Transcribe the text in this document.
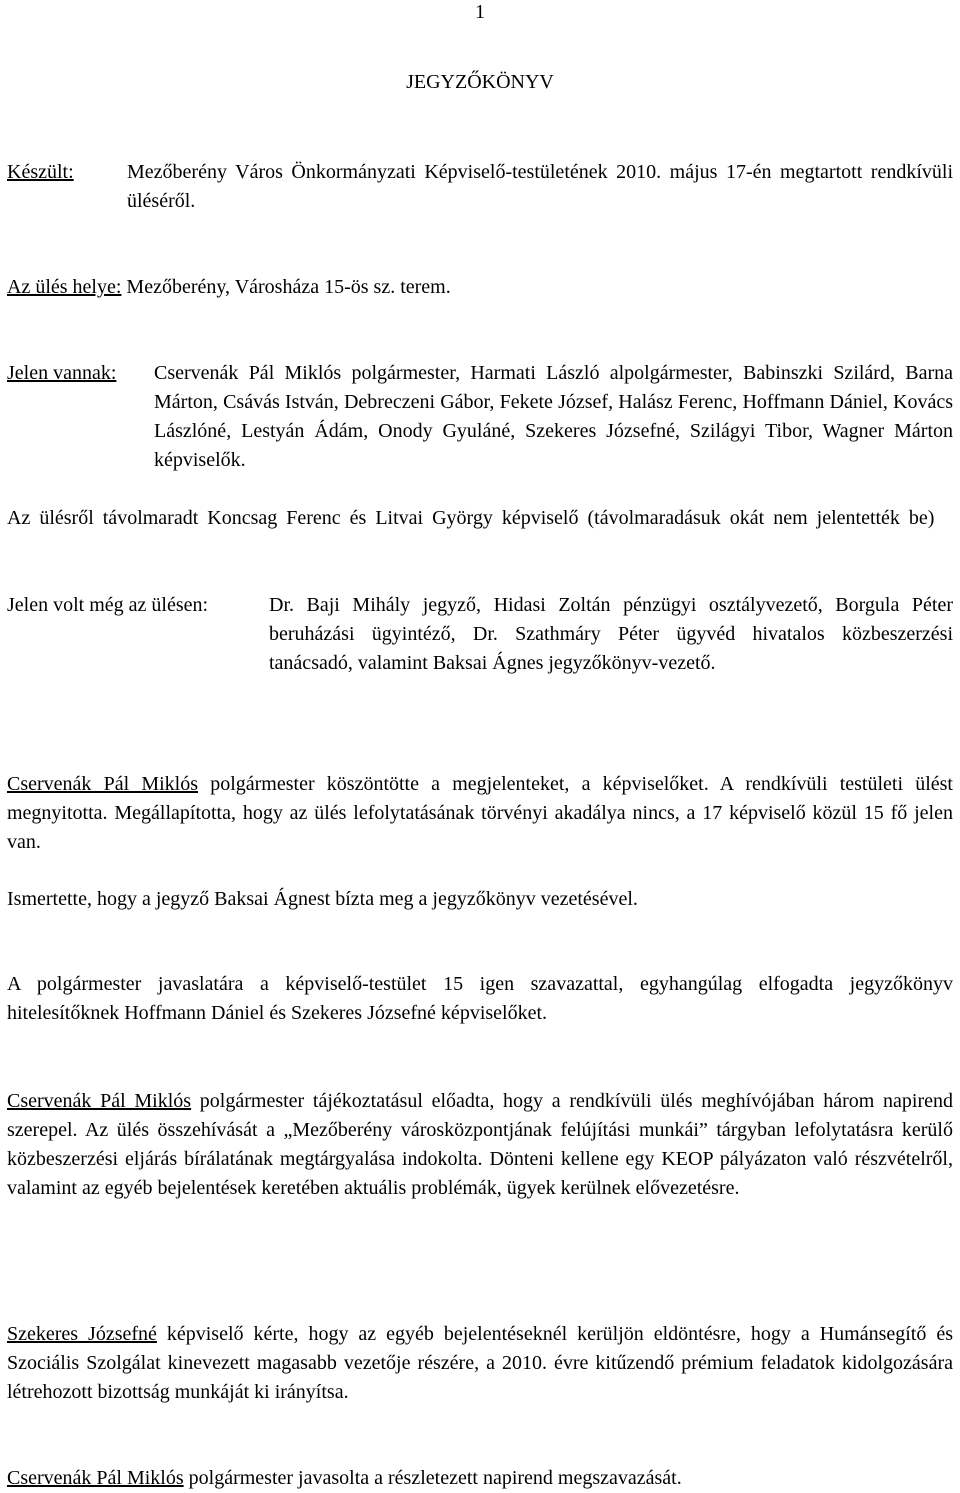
1
JEGYZŐKÖNYV
Készült:	Mezőberény Város Önkormányzati Képviselő-testületének 2010. május 17-én megtartott rendkívüli üléséről.
Az ülés helye: Mezőberény, Városháza 15-ös sz. terem.
Jelen vannak:	Cservenák Pál Miklós polgármester, Harmati László alpolgármester, Babinszki Szilárd, Barna Márton, Csávás István, Debreczeni Gábor, Fekete József, Halász Ferenc, Hoffmann Dániel, Kovács Lászlóné, Lestyán Ádám, Onody Gyuláné, Szekeres Józsefné, Szilágyi Tibor, Wagner Márton képviselők.
Az ülésről távolmaradt Koncsag Ferenc és Litvai György képviselő (távolmaradásuk okát nem jelentették be)
Jelen volt még az ülésen:	Dr. Baji Mihály jegyző, Hidasi Zoltán pénzügyi osztályvezető, Borgula Péter beruházási ügyintéző, Dr. Szathmáry Péter ügyvéd hivatalos közbeszerzési tanácsadó, valamint Baksai Ágnes jegyzőkönyv-vezető.
Cservenák Pál Miklós polgármester köszöntötte a megjelenteket, a képviselőket. A rendkívüli testületi ülést megnyitotta. Megállapította, hogy az ülés lefolytatásának törvényi akadálya nincs, a 17 képviselő közül 15 fő jelen van.
Ismertette, hogy a jegyző Baksai Ágnest bízta meg a jegyzőkönyv vezetésével.
A polgármester javaslatára a képviselő-testület 15 igen szavazattal, egyhangúlag elfogadta jegyzőkönyv hitelesítőknek Hoffmann Dániel és Szekeres Józsefné képviselőket.
Cservenák Pál Miklós polgármester tájékoztatásul előadta, hogy a rendkívüli ülés meghívójában három napirend szerepel. Az ülés összehívását a „Mezőberény városközpontjának felújítási munkái” tárgyban lefolytatásra kerülő közbeszerzési eljárás bírálatának megtárgyalása indokolta. Dönteni kellene egy KEOP pályázaton való részvételről, valamint az egyéb bejelentések keretében aktuális problémák, ügyek kerülnek elővezetésre.
Szekeres Józsefné képviselő kérte, hogy az egyéb bejelentéseknél kerüljön eldöntésre, hogy a Humánsegítő és Szociális Szolgálat kinevezett magasabb vezetője részére, a 2010. évre kitűzendő prémium feladatok kidolgozására létrehozott bizottság munkáját ki irányítsa.
Cservenák Pál Miklós polgármester javasolta a részletezett napirend megszavazását.
